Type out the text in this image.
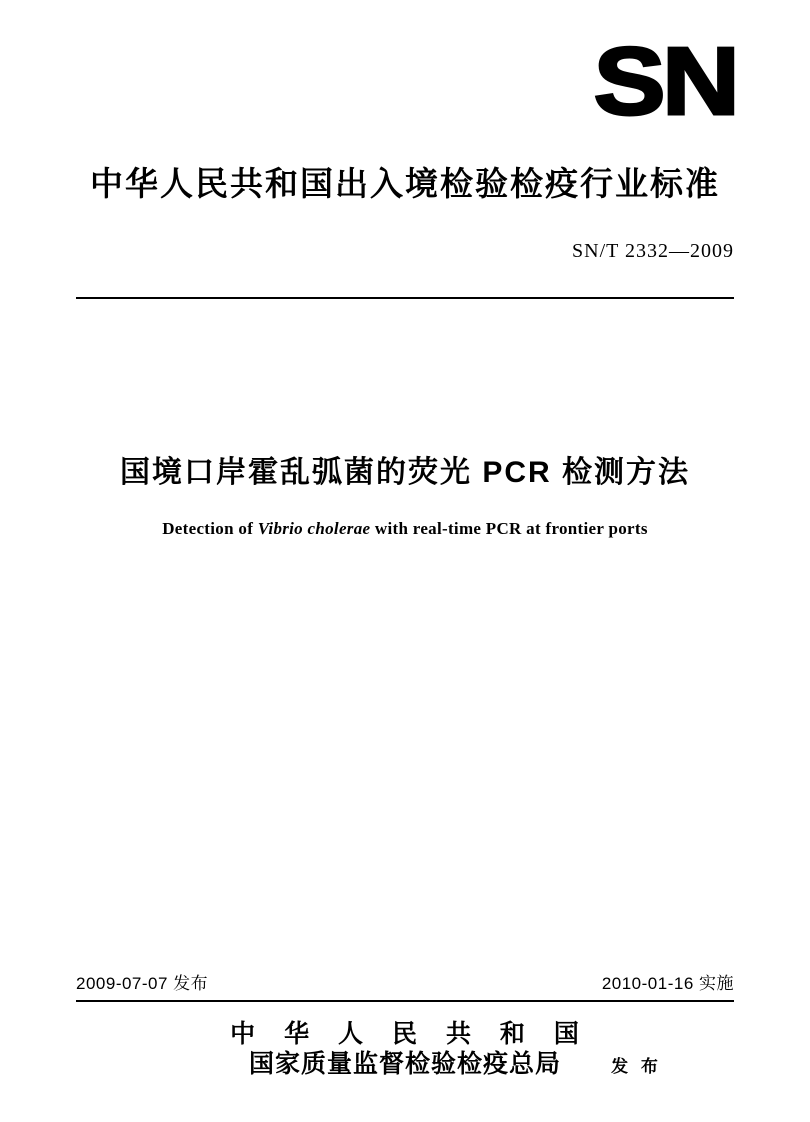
SN
中华人民共和国出入境检验检疫行业标准
SN/T 2332—2009
国境口岸霍乱弧菌的荧光 PCR 检测方法
Detection of Vibrio cholerae with real-time PCR at frontier ports
2009-07-07 发布	2010-01-16 实施
中 华 人 民 共 和 国
国家质量监督检验检疫总局	发 布
